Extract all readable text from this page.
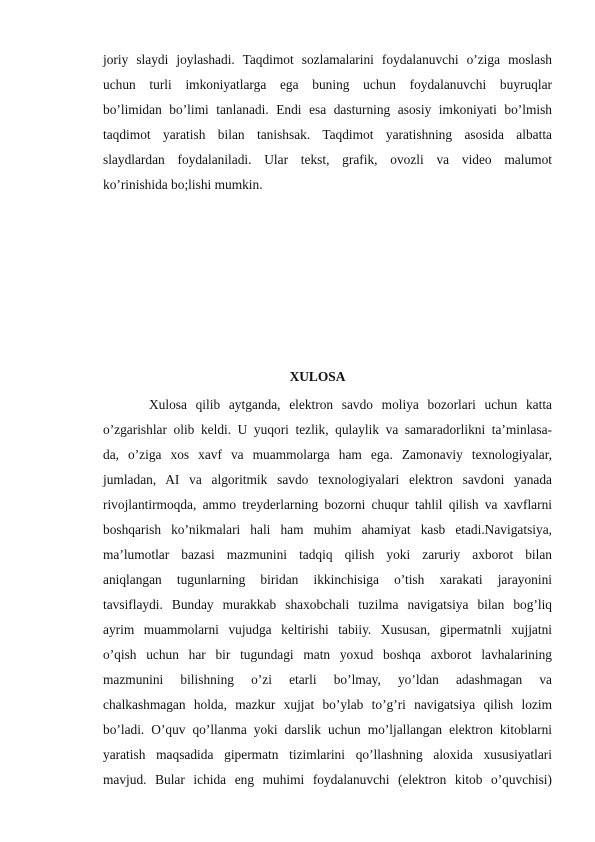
joriy slaydi joylashadi. Taqdimot sozlamalarini foydalanuvchi o’ziga moslash
uchun turli imkoniyatlarga ega buning uchun foydalanuvchi buyruqlar
bo’limidan bo’limi tanlanadi. Endi esa dasturning asosiy imkoniyati bo’lmish
taqdimot yaratish bilan tanishsak. Taqdimot yaratishning asosida albatta
slaydlardan foydalaniladi. Ular tekst, grafik, ovozli va video malumot
ko’rinishida bo;lishi mumkin.
XULOSA
Xulosa qilib aytganda, elektron savdo moliya bozorlari uchun katta
o’zgarishlar olib keldi. U yuqori tezlik, qulaylik va samaradorlikni ta’minlasa-
da, o’ziga xos xavf va muammolarga ham ega. Zamonaviy texnologiyalar,
jumladan, AI va algoritmik savdo texnologiyalari elektron savdoni yanada
rivojlantirmoqda, ammo treyderlarning bozorni chuqur tahlil qilish va xavflarni
boshqarish ko’nikmalari hali ham muhim ahamiyat kasb etadi.Navigatsiya,
ma’lumotlar bazasi mazmunini tadqiq qilish yoki zaruriy axborot bilan
aniqlangan tugunlarning biridan ikkinchisiga o’tish xarakati jarayonini
tavsiflaydi. Bunday murakkab shaxobchali tuzilma navigatsiya bilan bog’liq
ayrim muammolarni vujudga keltirishi tabiiy. Xususan, gipermatnli xujjatni
o’qish uchun har bir tugundagi matn yoxud boshqa axborot lavhalarining
mazmunini bilishning o’zi etarli bo’lmay, yo’ldan adashmagan va
chalkashmagan holda, mazkur xujjat bo’ylab to’g’ri navigatsiya qilish lozim
bo’ladi. O’quv qo’llanma yoki darslik uchun mo’ljallangan elektron kitoblarni
yaratish maqsadida gipermatn tizimlarini qo’llashning aloxida xususiyatlari
mavjud. Bular ichida eng muhimi foydalanuvchi (elektron kitob o’quvchisi)
